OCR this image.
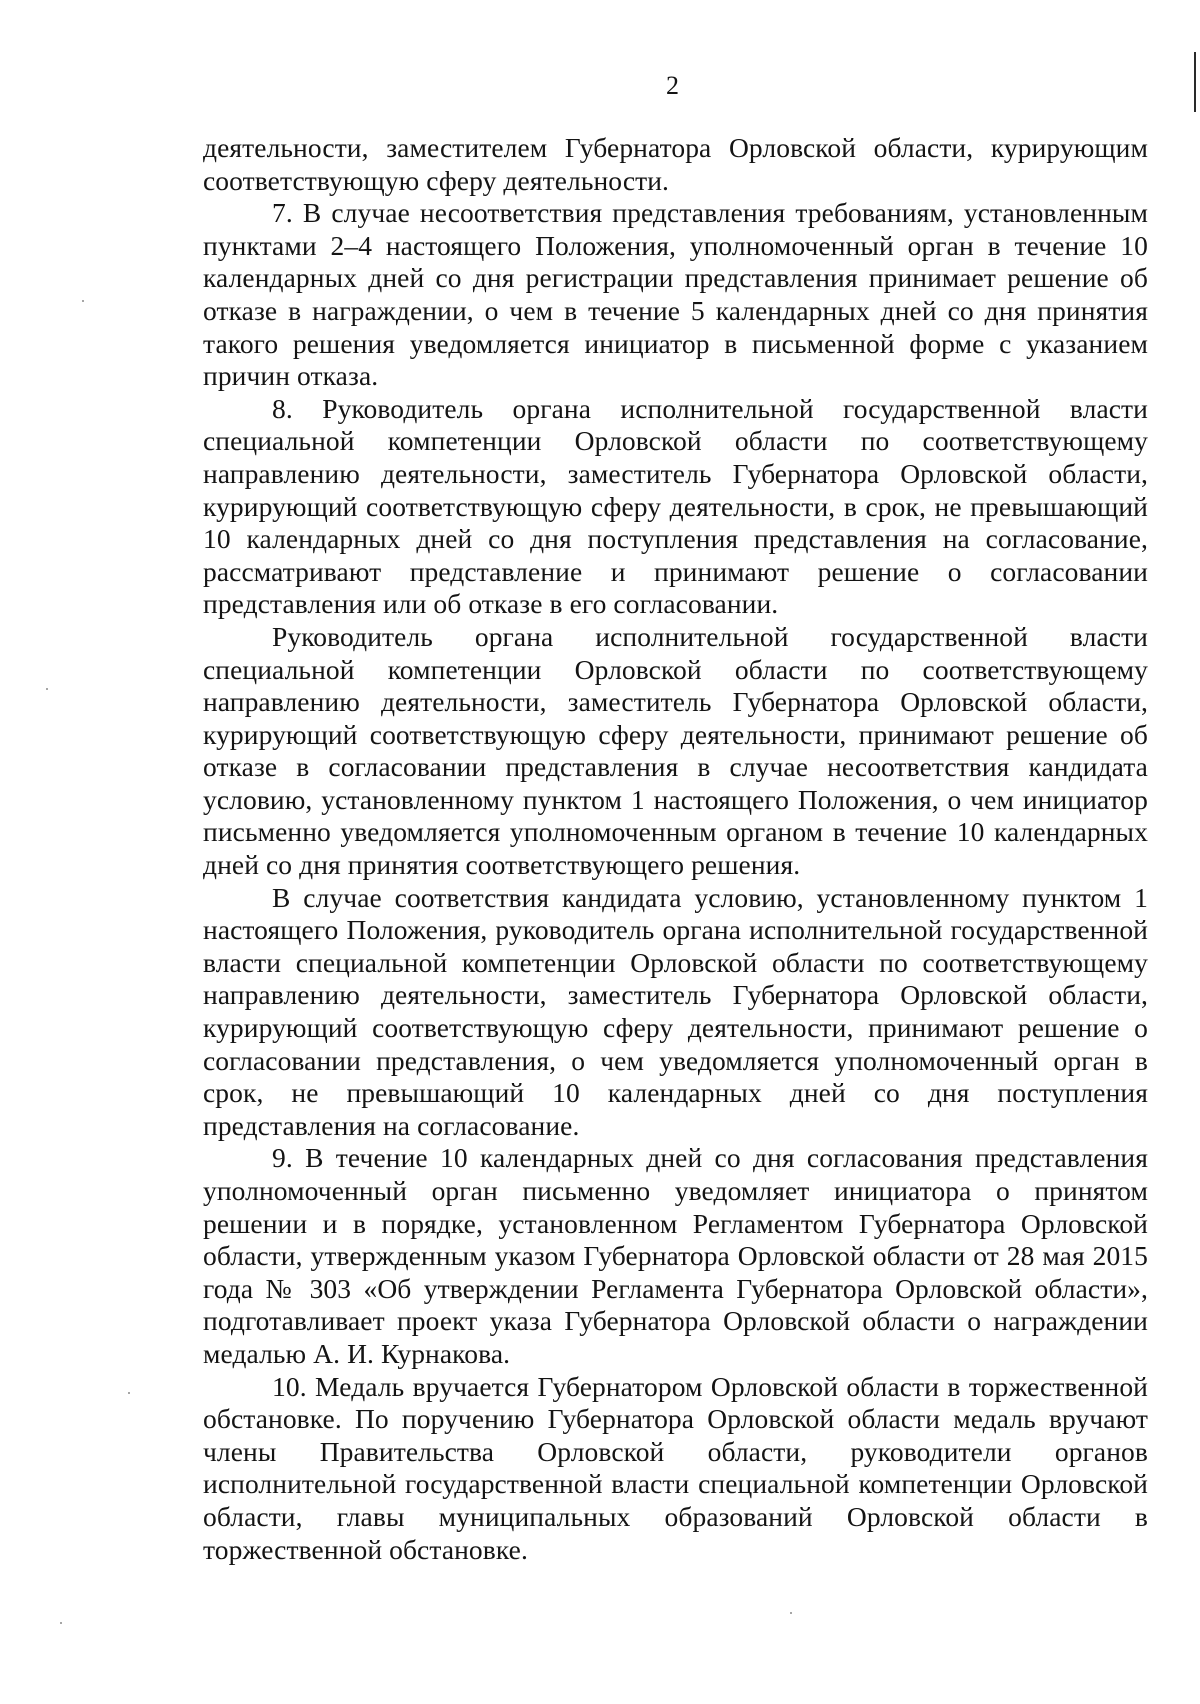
2

деятельности, заместителем Губернатора Орловской области, курирующим соответствующую сферу деятельности.

7. В случае несоответствия представления требованиям, установленным пунктами 2–4 настоящего Положения, уполномоченный орган в течение 10 календарных дней со дня регистрации представления принимает решение об отказе в награждении, о чем в течение 5 календарных дней со дня принятия такого решения уведомляется инициатор в письменной форме с указанием причин отказа.

8. Руководитель органа исполнительной государственной власти специальной компетенции Орловской области по соответствующему направлению деятельности, заместитель Губернатора Орловской области, курирующий соответствующую сферу деятельности, в срок, не превышающий 10 календарных дней со дня поступления представления на согласование, рассматривают представление и принимают решение о согласовании представления или об отказе в его согласовании.

Руководитель органа исполнительной государственной власти специальной компетенции Орловской области по соответствующему направлению деятельности, заместитель Губернатора Орловской области, курирующий соответствующую сферу деятельности, принимают решение об отказе в согласовании представления в случае несоответствия кандидата условию, установленному пунктом 1 настоящего Положения, о чем инициатор письменно уведомляется уполномоченным органом в течение 10 календарных дней со дня принятия соответствующего решения.

В случае соответствия кандидата условию, установленному пунктом 1 настоящего Положения, руководитель органа исполнительной государственной власти специальной компетенции Орловской области по соответствующему направлению деятельности, заместитель Губернатора Орловской области, курирующий соответствующую сферу деятельности, принимают решение о согласовании представления, о чем уведомляется уполномоченный орган в срок, не превышающий 10 календарных дней со дня поступления представления на согласование.

9. В течение 10 календарных дней со дня согласования представления уполномоченный орган письменно уведомляет инициатора о принятом решении и в порядке, установленном Регламентом Губернатора Орловской области, утвержденным указом Губернатора Орловской области от 28 мая 2015 года № 303 «Об утверждении Регламента Губернатора Орловской области», подготавливает проект указа Губернатора Орловской области о награждении медалью А. И. Курнакова.

10. Медаль вручается Губернатором Орловской области в торжественной обстановке. По поручению Губернатора Орловской области медаль вручают члены Правительства Орловской области, руководители органов исполнительной государственной власти специальной компетенции Орловской области, главы муниципальных образований Орловской области в торжественной обстановке.
